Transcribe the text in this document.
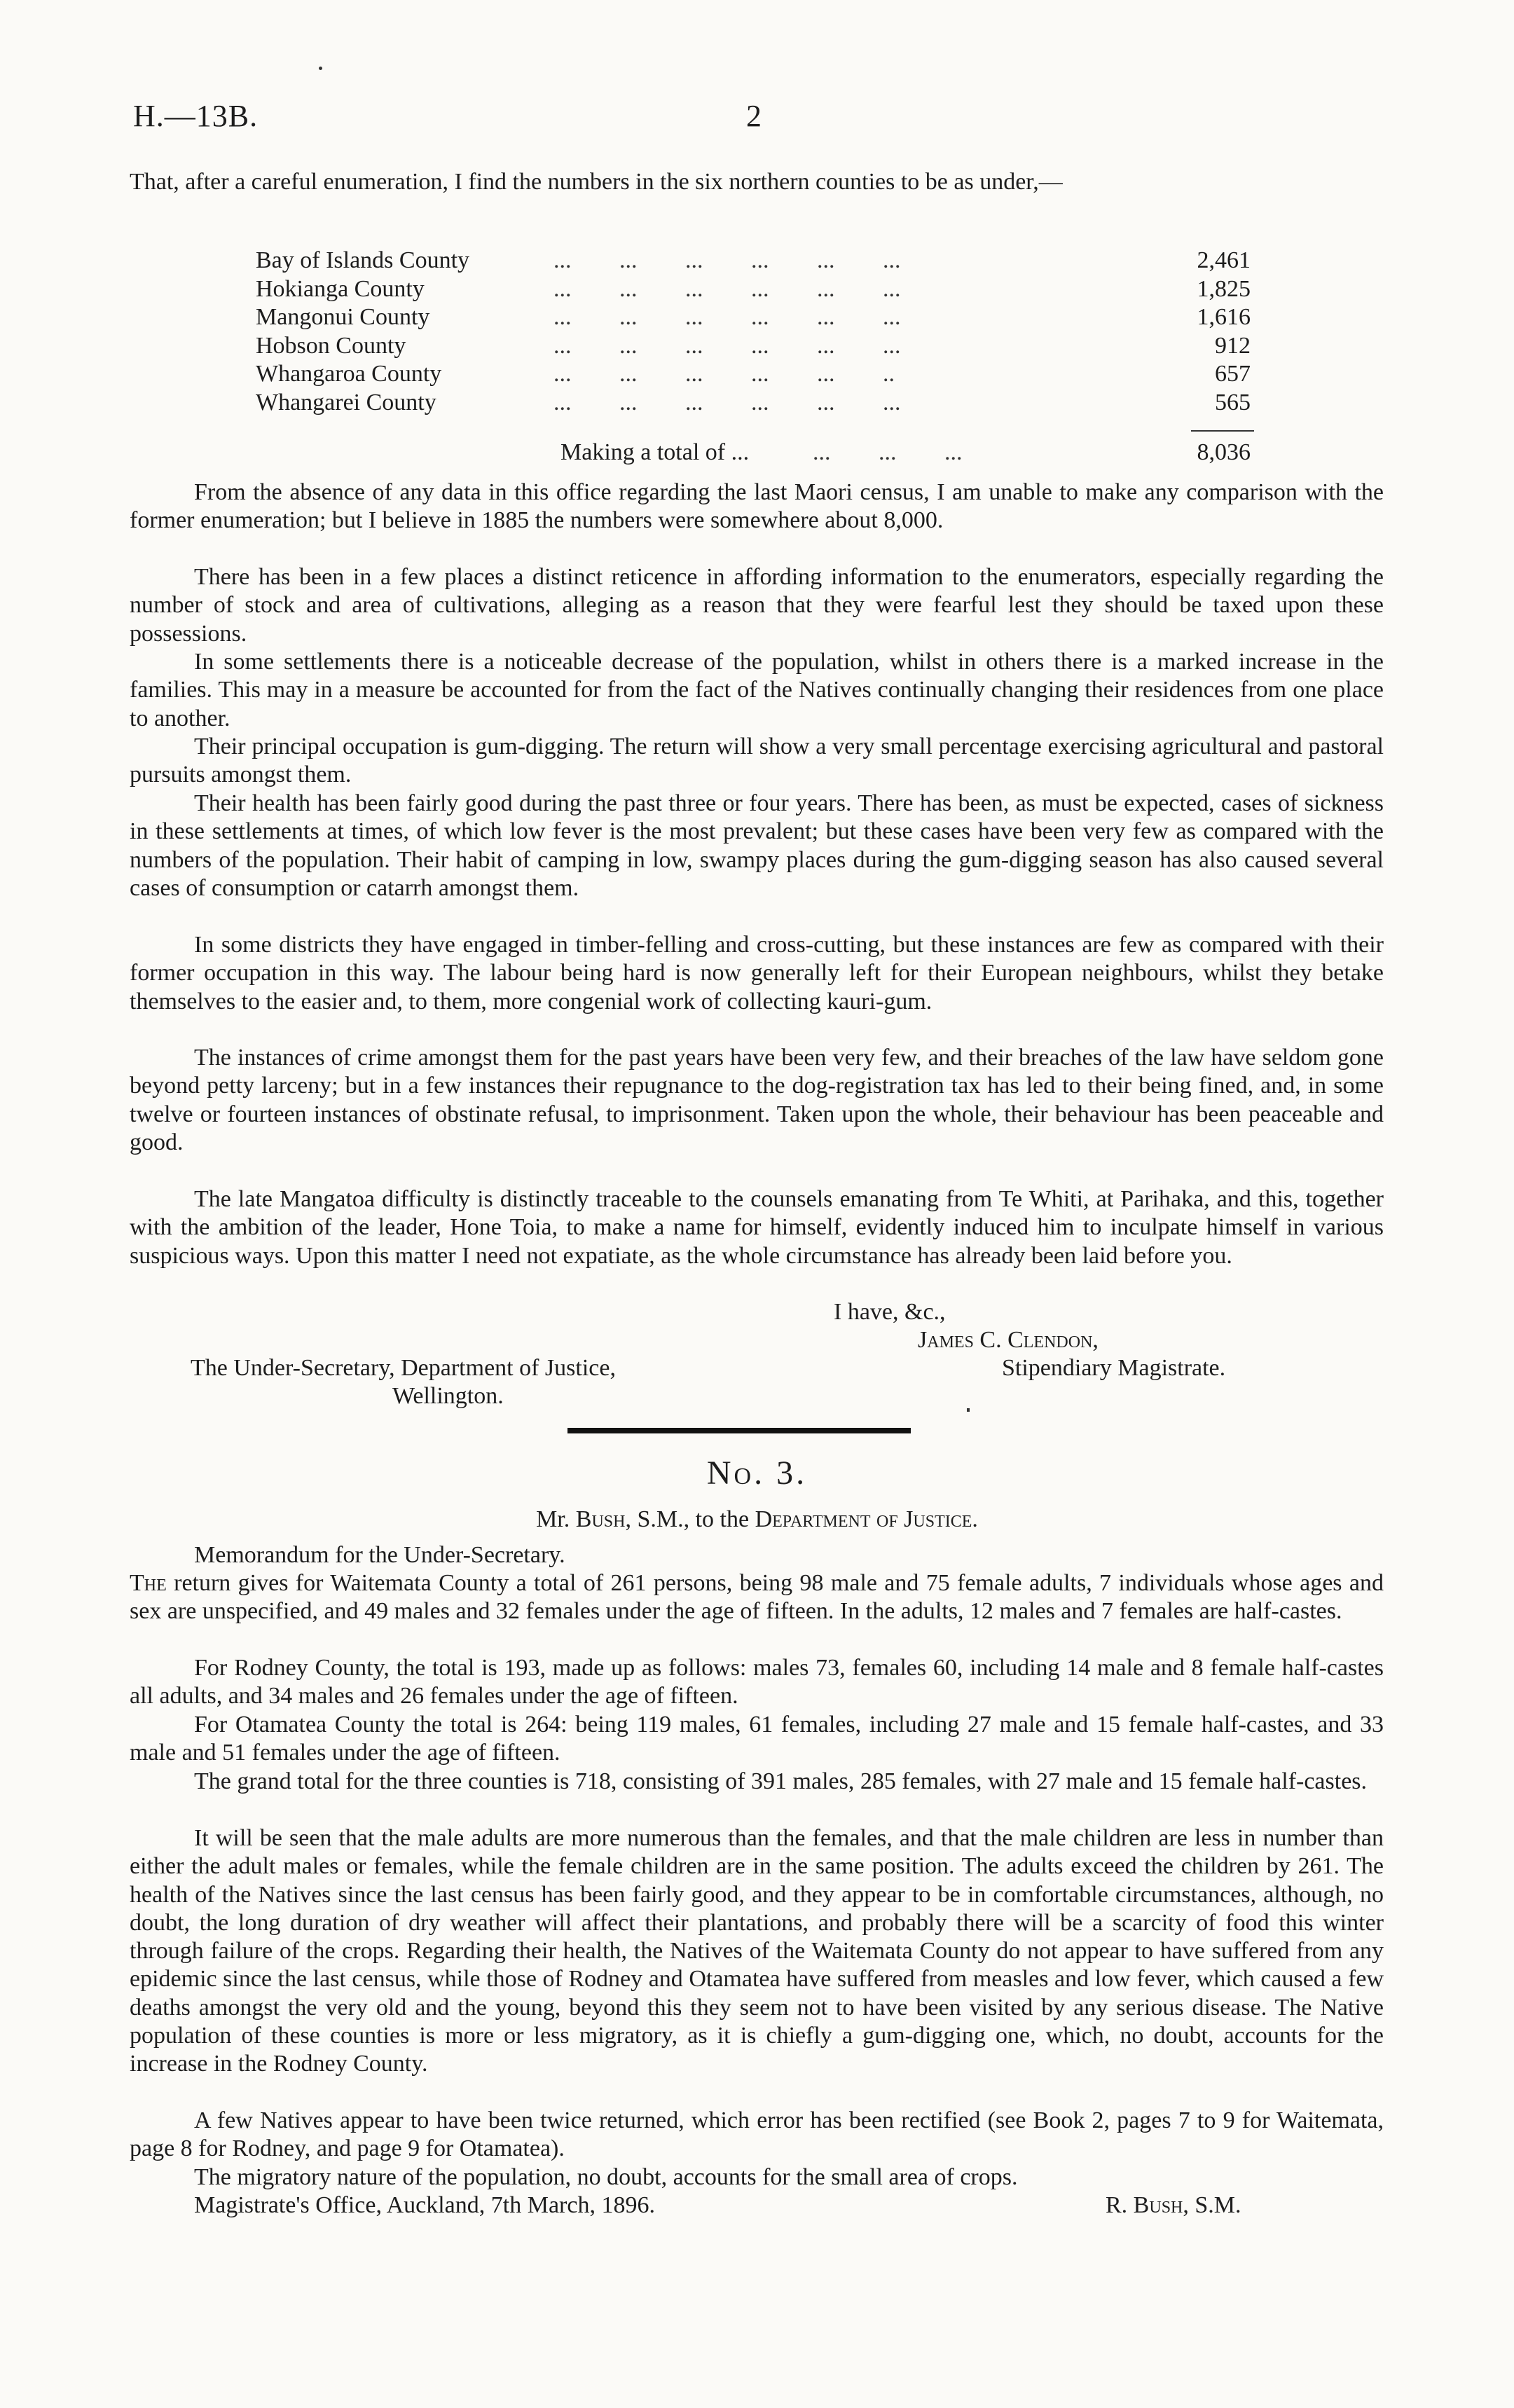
H.—13B.	2
That, after a careful enumeration, I find the numbers in the six northern counties to be as under,—
Bay of Islands County	... ... ... ... ... ...	2,461
Hokianga County	... ... ... ... ... ...	1,825
Mangonui County	... ... ... ... ... ...	1,616
Hobson County	... ... ... ... ... ...	912
Whangaroa County	... ... ... ... ... ..	657
Whangarei County	... ... ... ... ... ...	565
Making a total of ...	... ... ...	8,036
From the absence of any data in this office regarding the last Maori census, I am unable to make any comparison with the former enumeration; but I believe in 1885 the numbers were somewhere about 8,000.
There has been in a few places a distinct reticence in affording information to the enumerators, especially regarding the number of stock and area of cultivations, alleging as a reason that they were fearful lest they should be taxed upon these possessions.
In some settlements there is a noticeable decrease of the population, whilst in others there is a marked increase in the families. This may in a measure be accounted for from the fact of the Natives continually changing their residences from one place to another.
Their principal occupation is gum-digging. The return will show a very small percentage exercising agricultural and pastoral pursuits amongst them.
Their health has been fairly good during the past three or four years. There has been, as must be expected, cases of sickness in these settlements at times, of which low fever is the most prevalent; but these cases have been very few as compared with the numbers of the population. Their habit of camping in low, swampy places during the gum-digging season has also caused several cases of consumption or catarrh amongst them.
In some districts they have engaged in timber-felling and cross-cutting, but these instances are few as compared with their former occupation in this way. The labour being hard is now generally left for their European neighbours, whilst they betake themselves to the easier and, to them, more congenial work of collecting kauri-gum.
The instances of crime amongst them for the past years have been very few, and their breaches of the law have seldom gone beyond petty larceny; but in a few instances their repugnance to the dog-registration tax has led to their being fined, and, in some twelve or fourteen instances of obstinate refusal, to imprisonment. Taken upon the whole, their behaviour has been peaceable and good.
The late Mangatoa difficulty is distinctly traceable to the counsels emanating from Te Whiti, at Parihaka, and this, together with the ambition of the leader, Hone Toia, to make a name for himself, evidently induced him to inculpate himself in various suspicious ways. Upon this matter I need not expatiate, as the whole circumstance has already been laid before you.
I have, &c.,
James C. Clendon,
The Under-Secretary, Department of Justice,	Stipendiary Magistrate.
Wellington.
No. 3.
Mr. Bush, S.M., to the Department of Justice.
Memorandum for the Under-Secretary.
The return gives for Waitemata County a total of 261 persons, being 98 male and 75 female adults, 7 individuals whose ages and sex are unspecified, and 49 males and 32 females under the age of fifteen. In the adults, 12 males and 7 females are half-castes.
For Rodney County, the total is 193, made up as follows: males 73, females 60, including 14 male and 8 female half-castes all adults, and 34 males and 26 females under the age of fifteen.
For Otamatea County the total is 264: being 119 males, 61 females, including 27 male and 15 female half-castes, and 33 male and 51 females under the age of fifteen.
The grand total for the three counties is 718, consisting of 391 males, 285 females, with 27 male and 15 female half-castes.
It will be seen that the male adults are more numerous than the females, and that the male children are less in number than either the adult males or females, while the female children are in the same position. The adults exceed the children by 261. The health of the Natives since the last census has been fairly good, and they appear to be in comfortable circumstances, although, no doubt, the long duration of dry weather will affect their plantations, and probably there will be a scarcity of food this winter through failure of the crops. Regarding their health, the Natives of the Waitemata County do not appear to have suffered from any epidemic since the last census, while those of Rodney and Otamatea have suffered from measles and low fever, which caused a few deaths amongst the very old and the young, beyond this they seem not to have been visited by any serious disease. The Native population of these counties is more or less migratory, as it is chiefly a gum-digging one, which, no doubt, accounts for the increase in the Rodney County.
A few Natives appear to have been twice returned, which error has been rectified (see Book 2, pages 7 to 9 for Waitemata, page 8 for Rodney, and page 9 for Otamatea).
The migratory nature of the population, no doubt, accounts for the small area of crops.
Magistrate's Office, Auckland, 7th March, 1896.	R. Bush, S.M.
